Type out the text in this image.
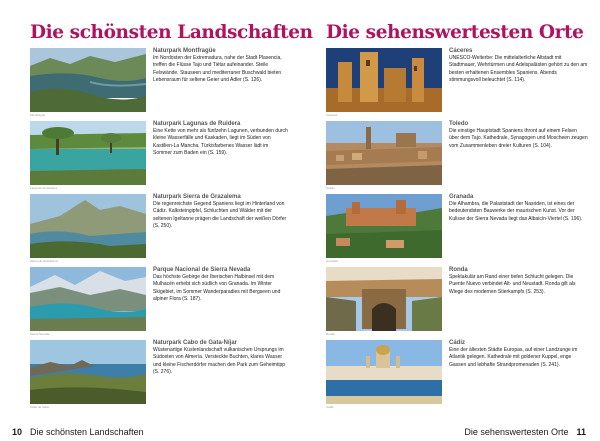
Die schönsten Landschaften
Montfragüe
Naturpark Montfragüe
Im Nordosten der Extremadura, nahe der Stadt Plasencia, treffen die Flüsse Tajo und Tiétar aufeinander. Steile Felswände, Stauseen und mediterraner Buschwald bieten Lebensraum für seltene Geier und Adler (S. 126).
Lagunas de Ruidera
Naturpark Lagunas de Ruidera
Eine Kette von mehr als fünfzehn Lagunen, verbunden durch kleine Wasserfälle und Kaskaden, liegt im Süden von Kastilien-La Mancha. Türkisfarbenes Wasser lädt im Sommer zum Baden ein (S. 159).
Sierra de Grazalema
Naturpark Sierra de Grazalema
Die regenreichste Gegend Spaniens liegt im Hinterland von Cádiz. Kalksteingipfel, Schluchten und Wälder mit der seltenen Igeltanne prägen die Landschaft der weißen Dörfer (S. 250).
Sierra Nevada
Parque Nacional de Sierra Nevada
Das höchste Gebirge der Iberischen Halbinsel mit dem Mulhacén erhebt sich südlich von Granada. Im Winter Skigebiet, im Sommer Wanderparadies mit Bergseen und alpiner Flora (S. 187).
Cabo de Gata
Naturpark Cabo de Gata-Níjar
Wüstenartige Küstenlandschaft vulkanischen Ursprungs im Südosten von Almería. Versteckte Buchten, klares Wasser und kleine Fischerdörfer machen den Park zum Geheimtipp (S. 276).
10 Die schönsten Landschaften
Die sehenswertesten Orte
Cáceres
Cáceres
UNESCO-Welterbe: Die mittelalterliche Altstadt mit Stadtmauer, Wehrtürmen und Adelspalästen gehört zu den am besten erhaltenen Ensembles Spaniens. Abends stimmungsvoll beleuchtet (S. 114).
Toledo
Toledo
Die einstige Hauptstadt Spaniens thront auf einem Felsen über dem Tajo. Kathedrale, Synagogen und Moscheen zeugen vom Zusammenleben dreier Kulturen (S. 104).
Granada
Granada
Die Alhambra, die Palaststadt der Nasriden, ist eines der bedeutendsten Bauwerke der maurischen Kunst. Vor der Kulisse der Sierra Nevada liegt das Albaicín-Viertel (S. 196).
Ronda
Ronda
Spektakulär am Rand einer tiefen Schlucht gelegen. Die Puente Nuevo verbindet Alt- und Neustadt. Ronda gilt als Wiege des modernen Stierkampfs (S. 253).
Cádiz
Cádiz
Eine der ältesten Städte Europas, auf einer Landzunge im Atlantik gelegen. Kathedrale mit goldener Kuppel, enge Gassen und lebhafte Strandpromenaden (S. 241).
Die sehenswertesten Orte 11
